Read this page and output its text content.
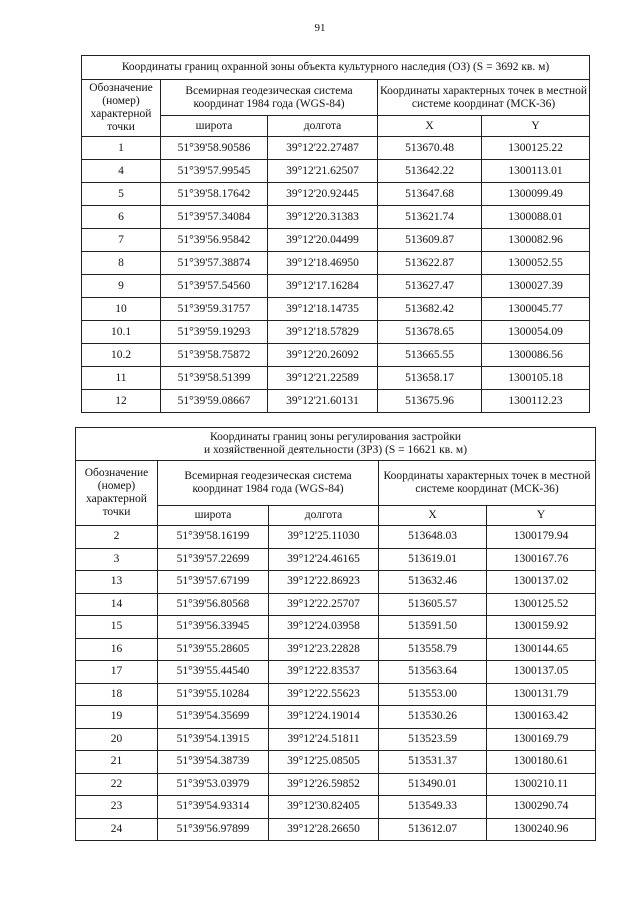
91
Координаты границ охранной зоны объекта культурного наследия (ОЗ) (S = 3692 кв. м)				
Обозначение (номер) характерной точки	Всемирная геодезическая система координат 1984 года (WGS-84)		Координаты характерных точек в местной системе координат (МСК-36)	
	широта	долгота	X	Y
1	51°39'58.90586	39°12'22.27487	513670.48	1300125.22
4	51°39'57.99545	39°12'21.62507	513642.22	1300113.01
5	51°39'58.17642	39°12'20.92445	513647.68	1300099.49
6	51°39'57.34084	39°12'20.31383	513621.74	1300088.01
7	51°39'56.95842	39°12'20.04499	513609.87	1300082.96
8	51°39'57.38874	39°12'18.46950	513622.87	1300052.55
9	51°39'57.54560	39°12'17.16284	513627.47	1300027.39
10	51°39'59.31757	39°12'18.14735	513682.42	1300045.77
10.1	51°39'59.19293	39°12'18.57829	513678.65	1300054.09
10.2	51°39'58.75872	39°12'20.26092	513665.55	1300086.56
11	51°39'58.51399	39°12'21.22589	513658.17	1300105.18
12	51°39'59.08667	39°12'21.60131	513675.96	1300112.23
Координаты границ зоны регулирования застройки
и хозяйственной деятельности (ЗРЗ) (S = 16621 кв. м)				

Обозначение (номер) характерной точки	Всемирная геодезическая система координат 1984 года (WGS-84)		Координаты характерных точек в местной системе координат (МСК-36)	
	широта	долгота	X	Y
2	51°39'58.16199	39°12'25.11030	513648.03	1300179.94
3	51°39'57.22699	39°12'24.46165	513619.01	1300167.76
13	51°39'57.67199	39°12'22.86923	513632.46	1300137.02
14	51°39'56.80568	39°12'22.25707	513605.57	1300125.52
15	51°39'56.33945	39°12'24.03958	513591.50	1300159.92
16	51°39'55.28605	39°12'23.22828	513558.79	1300144.65
17	51°39'55.44540	39°12'22.83537	513563.64	1300137.05
18	51°39'55.10284	39°12'22.55623	513553.00	1300131.79
19	51°39'54.35699	39°12'24.19014	513530.26	1300163.42
20	51°39'54.13915	39°12'24.51811	513523.59	1300169.79
21	51°39'54.38739	39°12'25.08505	513531.37	1300180.61
22	51°39'53.03979	39°12'26.59852	513490.01	1300210.11
23	51°39'54.93314	39°12'30.82405	513549.33	1300290.74
24	51°39'56.97899	39°12'28.26650	513612.07	1300240.96
